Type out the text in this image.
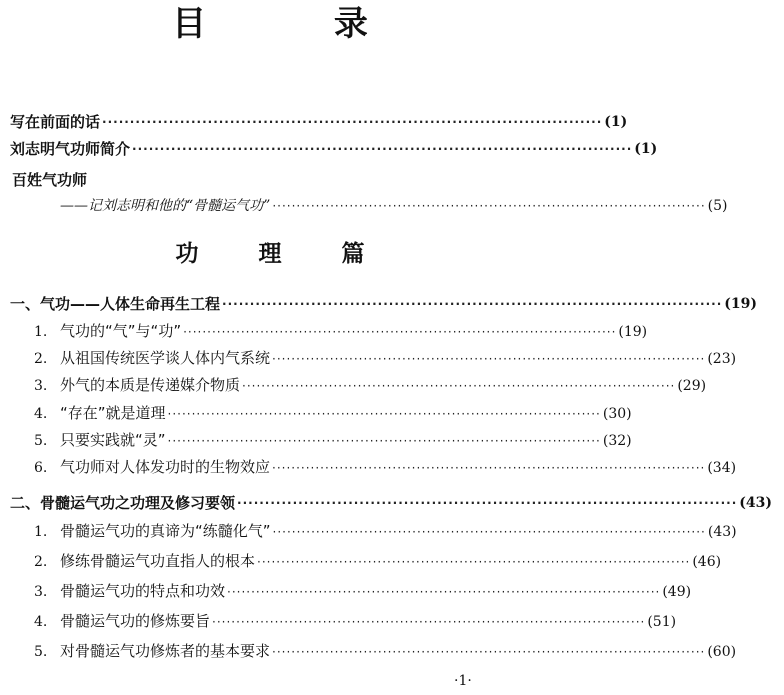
目 录
写在前面的话 ·························································································· (1)
刘志明气功师简介 ·························································································· (1)
百姓气功师
——记刘志明和他的“骨髓运气功” ·························································································· (5)
功 理 篇
一、气功——人体生命再生工程 ·························································································· (19)
1. 气功的“气”与“功” ·························································································· (19)
2. 从祖国传统医学谈人体内气系统 ·························································································· (23)
3. 外气的本质是传递媒介物质 ·························································································· (29)
4. “存在”就是道理 ·························································································· (30)
5. 只要实践就“灵” ·························································································· (32)
6. 气功师对人体发功时的生物效应 ·························································································· (34)
二、骨髓运气功之功理及修习要领 ·························································································· (43)
1. 骨髓运气功的真谛为“练髓化气” ·························································································· (43)
2. 修练骨髓运气功直指人的根本 ·························································································· (46)
3. 骨髓运气功的特点和功效 ·························································································· (49)
4. 骨髓运气功的修炼要旨 ·························································································· (51)
5. 对骨髓运气功修炼者的基本要求 ·························································································· (60)
·1·
